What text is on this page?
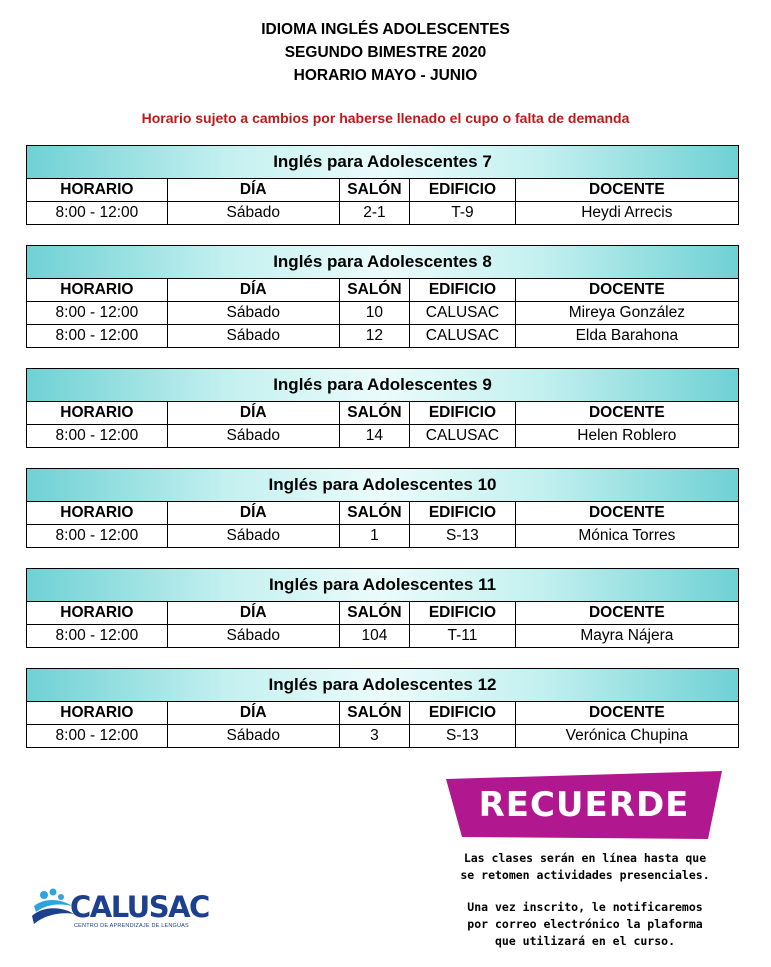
IDIOMA INGLÉS ADOLESCENTES
SEGUNDO BIMESTRE 2020
HORARIO MAYO - JUNIO
Horario sujeto a cambios por haberse llenado el cupo o falta de demanda
Inglés para Adolescentes 7				
HORARIO	DÍA	SALÓN	EDIFICIO	DOCENTE
8:00 - 12:00	Sábado	2-1	T-9	Heydi Arrecis
Inglés para Adolescentes 8				
HORARIO	DÍA	SALÓN	EDIFICIO	DOCENTE
8:00 - 12:00	Sábado	10	CALUSAC	Mireya González
8:00 - 12:00	Sábado	12	CALUSAC	Elda Barahona
Inglés para Adolescentes 9				
HORARIO	DÍA	SALÓN	EDIFICIO	DOCENTE
8:00 - 12:00	Sábado	14	CALUSAC	Helen Roblero
Inglés para Adolescentes 10				
HORARIO	DÍA	SALÓN	EDIFICIO	DOCENTE
8:00 - 12:00	Sábado	1	S-13	Mónica Torres
Inglés para Adolescentes 11				
HORARIO	DÍA	SALÓN	EDIFICIO	DOCENTE
8:00 - 12:00	Sábado	104	T-11	Mayra Nájera
Inglés para Adolescentes 12				
HORARIO	DÍA	SALÓN	EDIFICIO	DOCENTE
8:00 - 12:00	Sábado	3	S-13	Verónica Chupina
RECUERDE
Las clases serán en línea hasta que
se retomen actividades presenciales.
Una vez inscrito, le notificaremos
por correo electrónico la plaforma
que utilizará en el curso.
CALUSAC
CENTRO DE APRENDIZAJE DE LENGUAS
